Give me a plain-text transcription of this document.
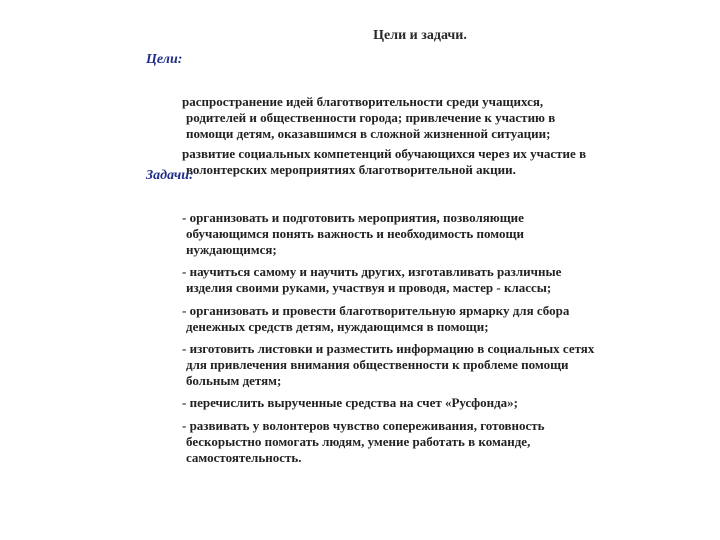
Цели и задачи.
Цели:

распространение идей благотворительности среди учащихся,

родителей и общественности города; привлечение к участию в
помощи детям, оказавшимся в сложной жизненной ситуации;

развитие социальных компетенций обучающихся через их участие в

волонтерских мероприятиях благотворительной акции.

Задачи:

- организовать и подготовить мероприятия, позволяющие

обучающимся понять важность и необходимость помощи
нуждающимся;

- научиться самому и научить других, изготавливать различные

изделия своими руками, участвуя и проводя, мастер - классы;

- организовать и провести благотворительную ярмарку для сбора

денежных средств детям, нуждающимся в помощи;

- изготовить листовки и разместить информацию в социальных сетях

для привлечения внимания общественности к проблеме помощи
больным детям;

- перечислить вырученные средства на счет «Русфонда»;

- развивать у волонтеров чувство сопереживания, готовность

бескорыстно помогать людям, умение работать в команде,
самостоятельность.
